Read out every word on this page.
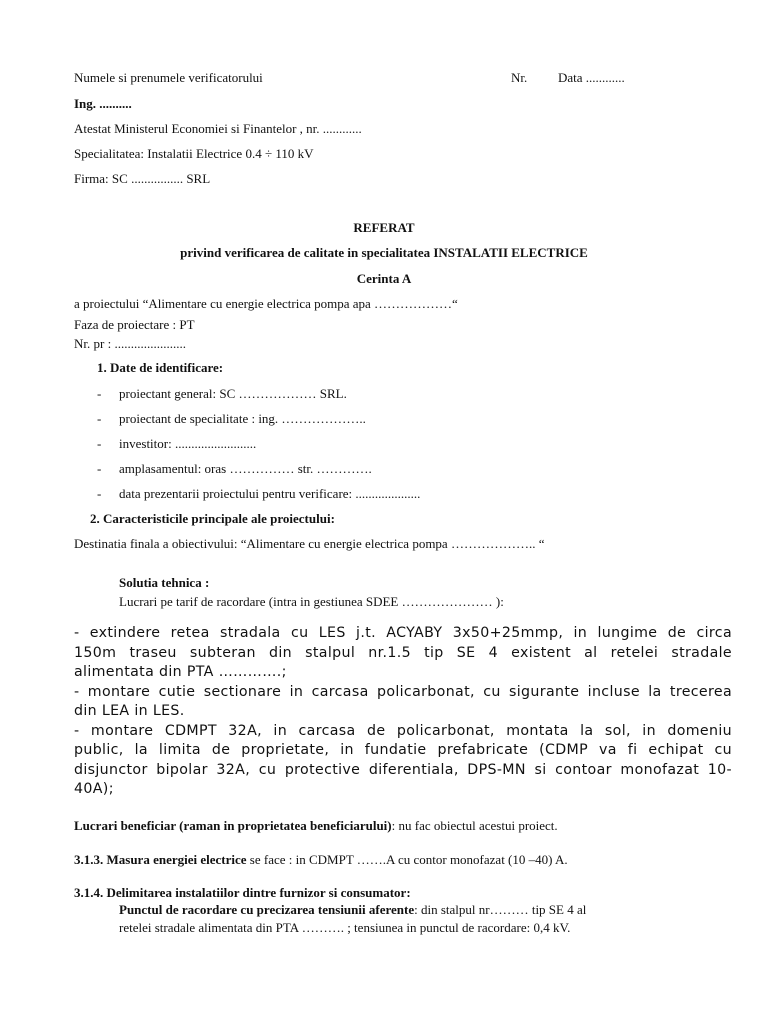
Numele si prenumele verificatorului	Nr. Data ............
Ing. ..........
Atestat Ministerul Economiei si Finantelor , nr. ............
Specialitatea: Instalatii Electrice 0.4 ÷ 110 kV
Firma: SC ................ SRL
REFERAT
privind verificarea de calitate in specialitatea INSTALATII ELECTRICE
Cerinta A
a proiectului “Alimentare cu energie electrica pompa apa ………………“
Faza de proiectare : PT
Nr. pr : ......................
1. Date de identificare:
- proiectant general: SC ……………… SRL.
- proiectant de specialitate : ing. ………………..
- investitor: .........................
- amplasamentul: oras …………… str. ………….
- data prezentarii proiectului pentru verificare: ....................
2. Caracteristicile principale ale proiectului:
Destinatia finala a obiectivului: “Alimentare cu energie electrica pompa ……………….. “
Solutia tehnica :
Lucrari pe tarif de racordare (intra in gestiunea SDEE ………………… ):
- extindere retea stradala cu LES j.t. ACYABY 3x50+25mmp, in lungime de circa
150m traseu subteran din stalpul nr.1.5 tip SE 4 existent al retelei stradale
alimentata din PTA ………….;
- montare cutie sectionare in carcasa policarbonat, cu sigurante incluse la trecerea
din LEA in LES.
- montare CDMPT 32A, in carcasa de policarbonat, montata la sol, in domeniu
public, la limita de proprietate, in fundatie prefabricate (CDMP va fi echipat cu
disjunctor bipolar 32A, cu protective diferentiala, DPS-MN si contoar monofazat 10-
40A);
Lucrari beneficiar (raman in proprietatea beneficiarului): nu fac obiectul acestui proiect.
3.1.3. Masura energiei electrice se face : in CDMPT …….A cu contor monofazat (10 –40) A.
3.1.4. Delimitarea instalatiilor dintre furnizor si consumator:
Punctul de racordare cu precizarea tensiunii aferente: din stalpul nr……… tip SE 4 al
retelei stradale alimentata din PTA ………. ; tensiunea in punctul de racordare: 0,4 kV.
